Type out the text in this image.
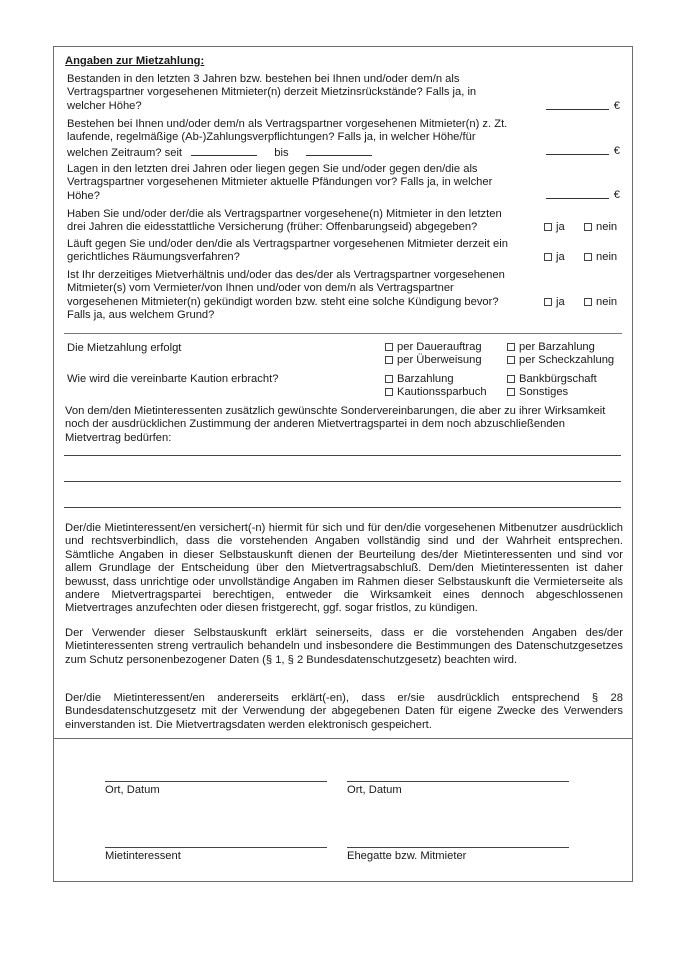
Angaben zur Mietzahlung:
Bestanden in den letzten 3 Jahren bzw. bestehen bei Ihnen und/oder dem/n als
Vertragspartner vorgesehenen Mitmieter(n) derzeit Mietzinsrückstände? Falls ja, in
welcher Höhe?	€
Bestehen bei Ihnen und/oder dem/n als Vertragspartner vorgesehenen Mitmieter(n) z. Zt.
laufende, regelmäßige (Ab-)Zahlungsverpflichtungen? Falls ja, in welcher Höhe/für
welchen Zeitraum? seit	bis	€
Lagen in den letzten drei Jahren oder liegen gegen Sie und/oder gegen den/die als
Vertragspartner vorgesehenen Mitmieter aktuelle Pfändungen vor? Falls ja, in welcher
Höhe?	€
Haben Sie und/oder der/die als Vertragspartner vorgesehene(n) Mitmieter in den letzten
drei Jahren die eidesstattliche Versicherung (früher: Offenbarungseid) abgegeben?	ja	nein
Läuft gegen Sie und/oder den/die als Vertragspartner vorgesehenen Mitmieter derzeit ein
gerichtliches Räumungsverfahren?	ja	nein
Ist Ihr derzeitiges Mietverhältnis und/oder das des/der als Vertragspartner vorgesehenen
Mitmieter(s) vom Vermieter/von Ihnen und/oder von dem/n als Vertragspartner
vorgesehenen Mitmieter(n) gekündigt worden bzw. steht eine solche Kündigung bevor?
Falls ja, aus welchem Grund?
ja	nein
Die Mietzahlung erfolgt	per Dauerauftrag	per Barzahlung
per Überweisung	per Scheckzahlung
Wie wird die vereinbarte Kaution erbracht?	Barzahlung	Bankbürgschaft
Kautionssparbuch	Sonstiges
Von dem/den Mietinteressenten zusätzlich gewünschte Sondervereinbarungen, die aber zu ihrer Wirksamkeit
noch der ausdrücklichen Zustimmung der anderen Mietvertragspartei in dem noch abzuschließenden
Mietvertrag bedürfen:
Der/die Mietinteressent/en versichert(-n) hiermit für sich und für den/die vorgesehenen Mitbenutzer ausdrücklich und rechtsverbindlich, dass die vorstehenden Angaben vollständig sind und der Wahrheit entsprechen. Sämtliche Angaben in dieser Selbstauskunft dienen der Beurteilung des/der Mietinteressenten und sind vor allem Grundlage der Entscheidung über den Mietvertragsabschluß. Dem/den Mietinteressenten ist daher bewusst, dass unrichtige oder unvollständige Angaben im Rahmen dieser Selbstauskunft die Vermieterseite als andere Mietvertragspartei berechtigen, entweder die Wirksamkeit eines dennoch abgeschlossenen Mietvertrages anzufechten oder diesen fristgerecht, ggf. sogar fristlos, zu kündigen.
Der Verwender dieser Selbstauskunft erklärt seinerseits, dass er die vorstehenden Angaben des/der Mietinteressenten streng vertraulich behandeln und insbesondere die Bestimmungen des Datenschutzgesetzes zum Schutz personenbezogener Daten (§ 1, § 2 Bundesdatenschutzgesetz) beachten wird.
Der/die Mietinteressent/en andererseits erklärt(-en), dass er/sie ausdrücklich entsprechend § 28 Bundesdatenschutzgesetz mit der Verwendung der abgegebenen Daten für eigene Zwecke des Verwenders einverstanden ist. Die Mietvertragsdaten werden elektronisch gespeichert.
Ort, Datum	Ort, Datum
Mietinteressent	Ehegatte bzw. Mitmieter
